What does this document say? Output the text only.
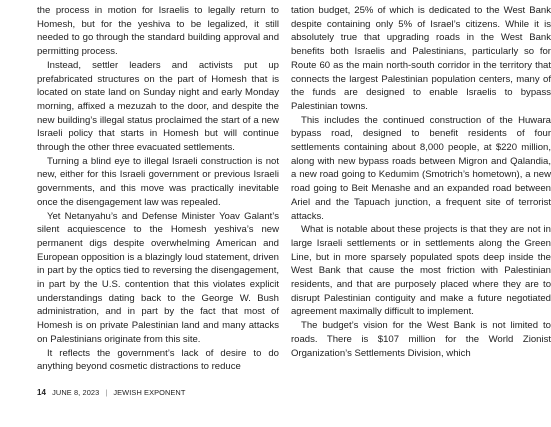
the process in motion for Israelis to legally return to Homesh, but for the yeshiva to be legalized, it still needed to go through the standard building approval and permitting process.

Instead, settler leaders and activists put up prefabricated structures on the part of Homesh that is located on state land on Sunday night and early Monday morning, affixed a mezuzah to the door, and despite the new building’s illegal status proclaimed the start of a new Israeli policy that starts in Homesh but will continue through the other three evacuated settlements.

Turning a blind eye to illegal Israeli construction is not new, either for this Israeli government or previous Israeli governments, and this move was practically inevitable once the disengagement law was repealed.

Yet Netanyahu’s and Defense Minister Yoav Galant’s silent acquiescence to the Homesh yeshiva’s new permanent digs despite overwhelming American and European opposition is a blazingly loud statement, driven in part by the optics tied to reversing the disengagement, in part by the U.S. contention that this violates explicit understandings dating back to the George W. Bush administration, and in part by the fact that most of Homesh is on private Palestinian land and many attacks on Palestinians originate from this site.

It reflects the government’s lack of desire to do anything beyond cosmetic distractions to reduce

tation budget, 25% of which is dedicated to the West Bank despite containing only 5% of Israel’s citizens. While it is absolutely true that upgrading roads in the West Bank benefits both Israelis and Palestinians, particularly so for Route 60 as the main north-south corridor in the territory that connects the largest Palestinian population centers, many of the funds are designed to enable Israelis to bypass Palestinian towns.

This includes the continued construction of the Huwara bypass road, designed to benefit residents of four settlements containing about 8,000 people, at $220 million, along with new bypass roads between Migron and Qalandia, a new road going to Kedumim (Smotrich’s hometown), a new road going to Beit Menashe and an expanded road between Ariel and the Tapuach junction, a frequent site of terrorist attacks.

What is notable about these projects is that they are not in large Israeli settlements or in settlements along the Green Line, but in more sparsely populated spots deep inside the West Bank that cause the most friction with Palestinian residents, and that are purposely placed where they are to disrupt Palestinian contiguity and make a future negotiated agreement maximally difficult to implement.

The budget’s vision for the West Bank is not limited to roads. There is $107 million for the World Zionist Organization’s Settlements Division, which

14 JUNE 8, 2023 | JEWISH EXPONENT
